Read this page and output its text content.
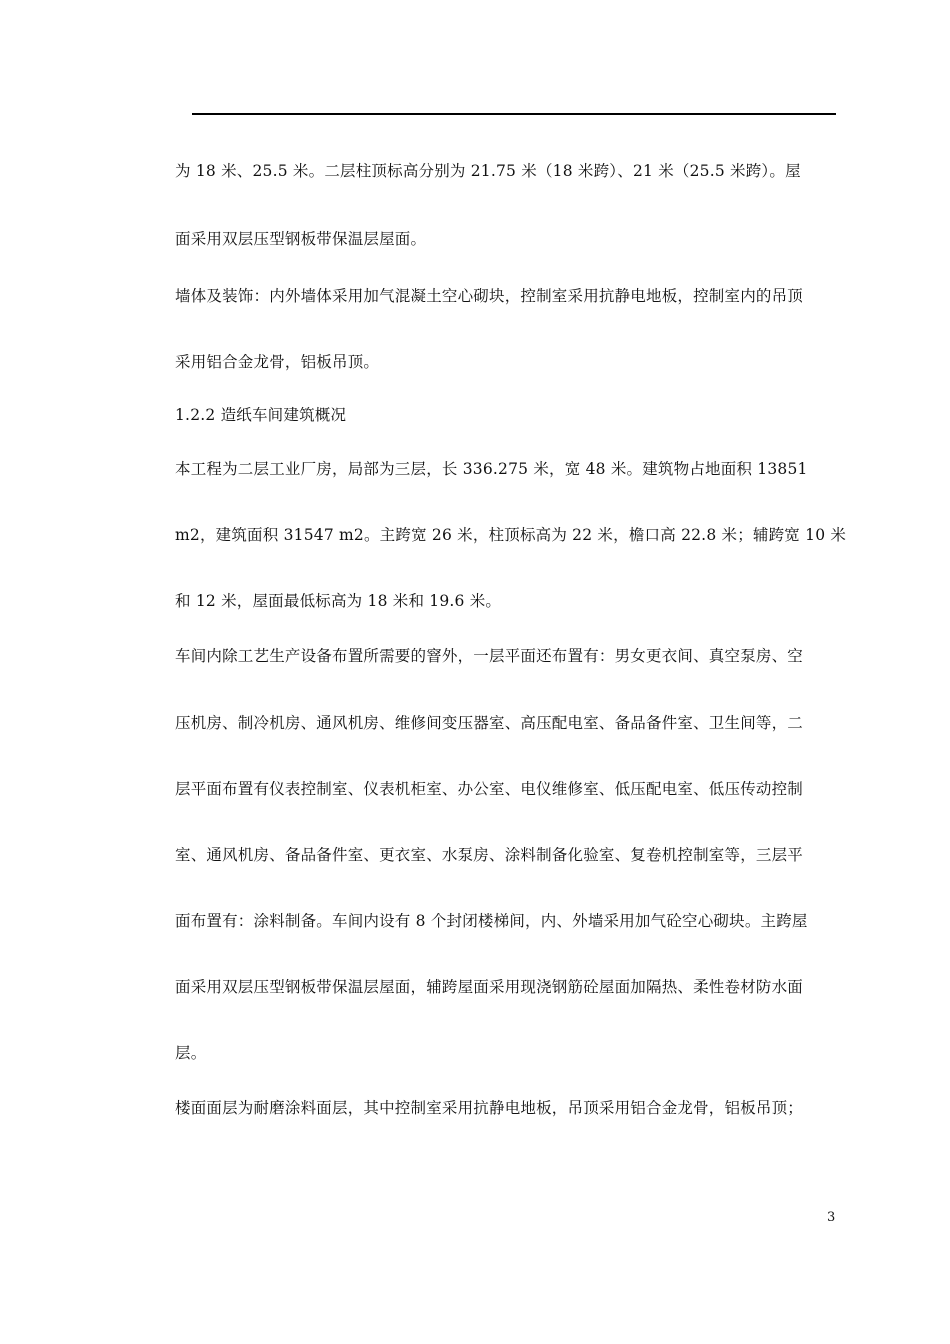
为 18 米、25.5 米。二层柱顶标高分别为 21.75 米（18 米跨）、21 米（25.5 米跨）。屋
面采用双层压型钢板带保温层屋面。
墙体及装饰：内外墙体采用加气混凝土空心砌块，控制室采用抗静电地板，控制室内的吊顶
采用铝合金龙骨，铝板吊顶。
1.2.2 造纸车间建筑概况
本工程为二层工业厂房，局部为三层，长 336.275 米，宽 48 米。建筑物占地面积 13851
m2，建筑面积 31547 m2。主跨宽 26 米，柱顶标高为 22 米，檐口高 22.8 米；辅跨宽 10 米
和 12 米，屋面最低标高为 18 米和 19.6 米。
车间内除工艺生产设备布置所需要的窨外，一层平面还布置有：男女更衣间、真空泵房、空
压机房、制冷机房、通风机房、维修间变压器室、高压配电室、备品备件室、卫生间等，二
层平面布置有仪表控制室、仪表机柜室、办公室、电仪维修室、低压配电室、低压传动控制
室、通风机房、备品备件室、更衣室、水泵房、涂料制备化验室、复卷机控制室等，三层平
面布置有：涂料制备。车间内设有 8 个封闭楼梯间，内、外墙采用加气砼空心砌块。主跨屋
面采用双层压型钢板带保温层屋面，辅跨屋面采用现浇钢筋砼屋面加隔热、柔性卷材防水面
层。
楼面面层为耐磨涂料面层，其中控制室采用抗静电地板，吊顶采用铝合金龙骨，铝板吊顶；
3
